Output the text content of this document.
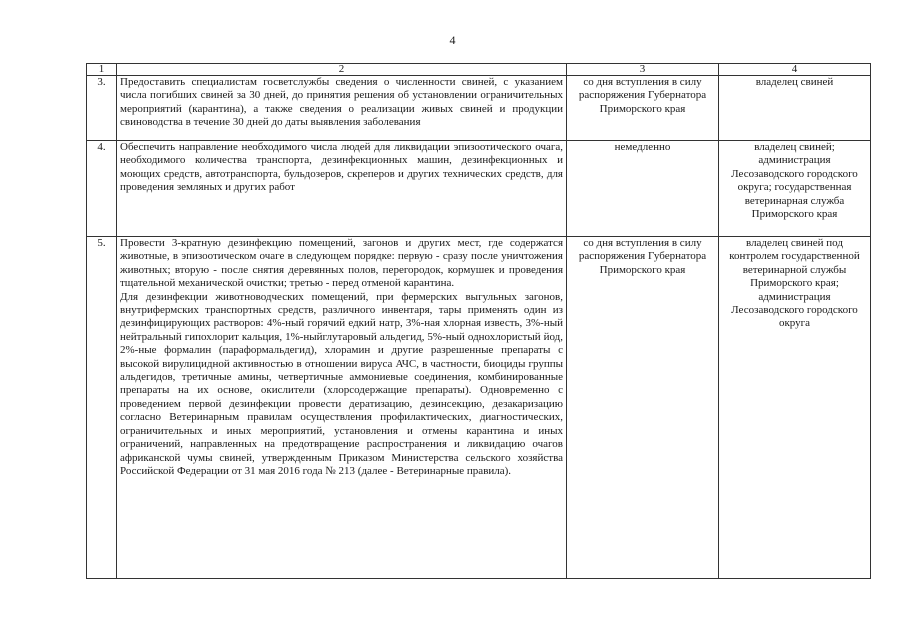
4
1	2	3	4
3.	Предоставить специалистам госветслужбы сведения о численности свиней, с указанием числа погибших свиней за 30 дней, до принятия решения об установлении ограничительных мероприятий (карантина), а также сведения о реализации живых свиней и продукции свиноводства в течение 30 дней до даты выявления заболевания	со дня вступления в силу распоряжения Губернатора Приморского края	владелец свиней
4.	Обеспечить направление необходимого числа людей для ликвидации эпизоотического очага, необходимого количества транспорта, дезинфекционных машин, дезинфекционных и моющих средств, автотранспорта, бульдозеров, скреперов и других технических средств, для проведения земляных и других работ	немедленно	владелец свиней; администрация Лесозаводского городского округа; государственная ветеринарная служба Приморского края
5.	Провести 3-кратную дезинфекцию помещений, загонов и других мест, где содержатся животные, в эпизоотическом очаге в следующем порядке: первую - сразу после уничтожения животных; вторую - после снятия деревянных полов, перегородок, кормушек и проведения тщательной механической очистки; третью - перед отменой карантина.
Для дезинфекции животноводческих помещений, при фермерских выгульных загонов, внутрифермских транспортных средств, различного инвентаря, тары применять один из дезинфицирующих растворов: 4%-ный горячий едкий натр, 3%-ная хлорная известь, 3%-ный нейтральный гипохлорит кальция, 1%-ныйглутаровый альдегид, 5%-ный однохлористый йод, 2%-ные формалин (параформальдегид), хлорамин и другие разрешенные препараты с высокой вирулицидной активностью в отношении вируса АЧС, в частности, биоциды группы альдегидов, третичные амины, четвертичные аммониевые соединения, комбинированные препараты на их основе, окислители (хлорсодержащие препараты). Одновременно с проведением первой дезинфекции провести дератизацию, дезинсекцию, дезакаризацию согласно Ветеринарным правилам осуществления профилактических, диагностических, ограничительных и иных мероприятий, установления и отмены карантина и иных ограничений, направленных на предотвращение распространения и ликвидацию очагов африканской чумы свиней, утвержденным Приказом Министерства сельского хозяйства Российской Федерации от 31 мая 2016 года № 213 (далее - Ветеринарные правила).	со дня вступления в силу распоряжения Губернатора Приморского края	владелец свиней под контролем государственной ветеринарной службы Приморского края; администрация Лесозаводского городского округа
